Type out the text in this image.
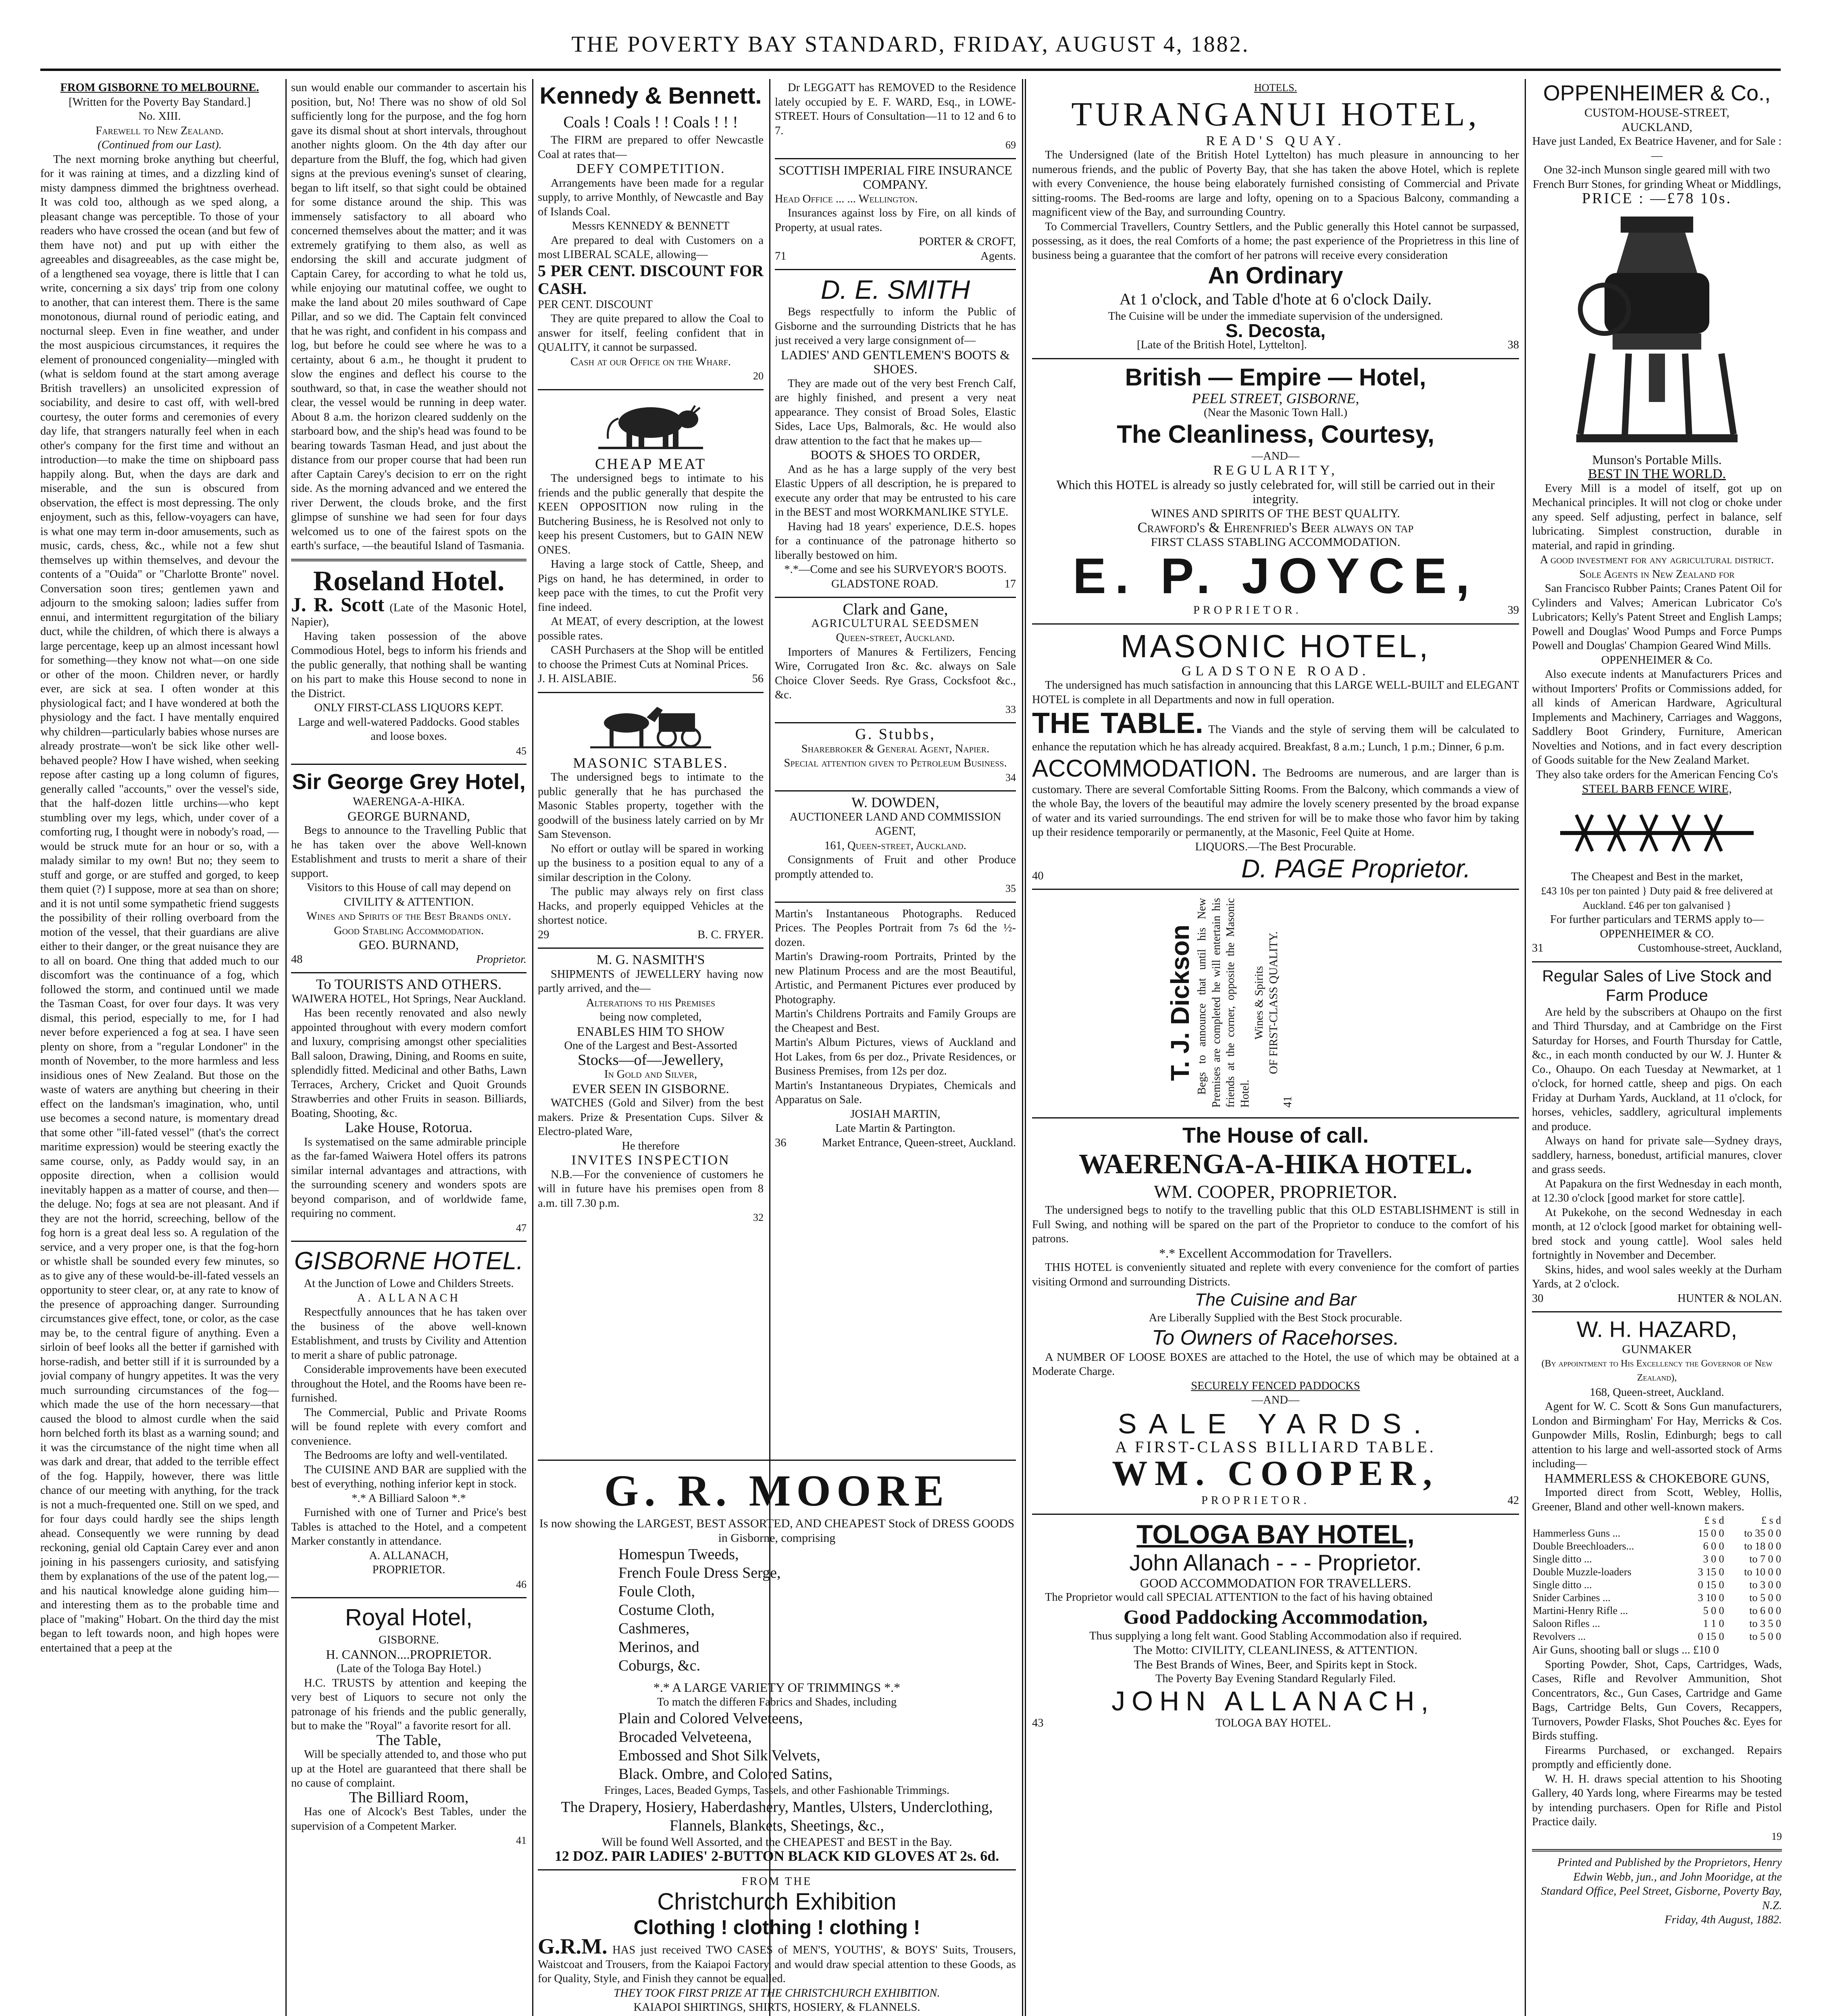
THE POVERTY BAY STANDARD, FRIDAY, AUGUST 4, 1882.
FROM GISBORNE TO MELBOURNE.
[Written for the Poverty Bay Standard.]
No. XIII.
Farewell to New Zealand.
(Continued from our Last).

The next morning broke anything but cheerful, for it was raining at times, and a dizzling kind of misty dampness dimmed the brightness overhead. It was cold too, although as we sped along, a pleasant change was perceptible. To those of your readers who have crossed the ocean (and but few of them have not) and put up with either the agreeables and disagreeables, as the case might be, of a lengthened sea voyage, there is little that I can write, concerning a six days' trip from one colony to another, that can interest them. There is the same monotonous, diurnal round of periodic eating, and nocturnal sleep. Even in fine weather, and under the most auspicious circumstances, it requires the element of pronounced congeniality—mingled with (what is seldom found at the start among average British travellers) an unsolicited expression of sociability, and desire to cast off, with well-bred courtesy, the outer forms and ceremonies of every day life, that strangers naturally feel when in each other's company for the first time and without an introduction—to make the time on shipboard pass happily along. But, when the days are dark and miserable, and the sun is obscured from observation, the effect is most depressing. The only enjoyment, such as this, fellow-voyagers can have, is what one may term in-door amusements, such as music, cards, chess, &c., while not a few shut themselves up within themselves, and devour the contents of a "Ouida" or "Charlotte Bronte" novel. Conversation soon tires; gentlemen yawn and adjourn to the smoking saloon; ladies suffer from ennui, and intermittent regurgitation of the biliary duct, while the children, of which there is always a large percentage, keep up an almost incessant howl for something—they know not what—on one side or other of the moon. Children never, or hardly ever, are sick at sea. I often wonder at this physiological fact; and I have wondered at both the physiology and the fact. I have mentally enquired why children—particularly babies whose nurses are already prostrate—won't be sick like other well-behaved people? How I have wished, when seeking repose after casting up a long column of figures, generally called "accounts," over the vessel's side, that the half-dozen little urchins—who kept stumbling over my legs, which, under cover of a comforting rug, I thought were in nobody's road, —would be struck mute for an hour or so, with a malady similar to my own! But no; they seem to stuff and gorge, or are stuffed and gorged, to keep them quiet (?) I suppose, more at sea than on shore; and it is not until some sympathetic friend suggests the possibility of their rolling overboard from the motion of the vessel, that their guardians are alive either to their danger, or the great nuisance they are to all on board. One thing that added much to our discomfort was the continuance of a fog, which followed the storm, and continued until we made the Tasman Coast, for over four days. It was very dismal, this period, especially to me, for I had never before experienced a fog at sea. I have seen plenty on shore, from a "regular Londoner" in the month of November, to the more harmless and less insidious ones of New Zealand. But those on the waste of waters are anything but cheering in their effect on the landsman's imagination, who, until use becomes a second nature, is momentary dread that some other "ill-fated vessel" (that's the correct maritime expression) would be steering exactly the same course, only, as Paddy would say, in an opposite direction, when a collision would inevitably happen as a matter of course, and then—the deluge. No; fogs at sea are not pleasant. And if they are not the horrid, screeching, bellow of the fog horn is a great deal less so. A regulation of the service, and a very proper one, is that the fog-horn or whistle shall be sounded every few minutes, so as to give any of these would-be-ill-fated vessels an opportunity to steer clear, or, at any rate to know of the presence of approaching danger. Surrounding circumstances give effect, tone, or color, as the case may be, to the central figure of anything. Even a sirloin of beef looks all the better if garnished with horse-radish, and better still if it is surrounded by a jovial company of hungry appetites. It was the very much surrounding circumstances of the fog—which made the use of the horn necessary—that caused the blood to almost curdle when the said horn belched forth its blast as a warning sound; and it was the circumstance of the night time when all was dark and drear, that added to the terrible effect of the fog. Happily, however, there was little chance of our meeting with anything, for the track is not a much-frequented one. Still on we sped, and for four days could hardly see the ships length ahead. Consequently we were running by dead reckoning, genial old Captain Carey ever and anon joining in his passengers curiosity, and satisfying them by explanations of the use of the patent log,—and his nautical knowledge alone guiding him—and interesting them as to the probable time and place of "making" Hobart. On the third day the mist began to left towards noon, and high hopes were entertained that a peep at the

sun would enable our commander to ascertain his position, but, No! There was no show of old Sol sufficiently long for the purpose, and the fog horn gave its dismal shout at short intervals, throughout another nights gloom. On the 4th day after our departure from the Bluff, the fog, which had given signs at the previous evening's sunset of clearing, began to lift itself, so that sight could be obtained for some distance around the ship. This was immensely satisfactory to all aboard who concerned themselves about the matter; and it was extremely gratifying to them also, as well as endorsing the skill and accurate judgment of Captain Carey, for according to what he told us, while enjoying our matutinal coffee, we ought to make the land about 20 miles southward of Cape Pillar, and so we did. The Captain felt convinced that he was right, and confident in his compass and log, but before he could see where he was to a certainty, about 6 a.m., he thought it prudent to slow the engines and deflect his course to the southward, so that, in case the weather should not clear, the vessel would be running in deep water. About 8 a.m. the horizon cleared suddenly on the starboard bow, and the ship's head was found to be bearing towards Tasman Head, and just about the distance from our proper course that had been run after Captain Carey's decision to err on the right side. As the morning advanced and we entered the river Derwent, the clouds broke, and the first glimpse of sunshine we had seen for four days welcomed us to one of the fairest spots on the earth's surface, —the beautiful Island of Tasmania.

Roseland Hotel.
J. R. Scott (Late of the Masonic Hotel, Napier),

Having taken possession of the above Commodious Hotel, begs to inform his friends and the public generally, that nothing shall be wanting on his part to make this House second to none in the District.

ONLY FIRST-CLASS LIQUORS KEPT.
Large and well-watered Paddocks. Good stables and loose boxes.
45
Sir George Grey Hotel,
WAERENGA-A-HIKA.
GEORGE BURNAND,

Begs to announce to the Travelling Public that he has taken over the above Well-known Establishment and trusts to merit a share of their support.

Visitors to this House of call may depend on CIVILITY & ATTENTION.
Wines and Spirits of the Best Brands only.
Good Stabling Accommodation.
GEO. BURNAND,
48	Proprietor.
To TOURISTS AND OTHERS.
WAIWERA HOTEL, Hot Springs, Near Auckland.

Has been recently renovated and also newly appointed throughout with every modern comfort and luxury, comprising amongst other specialities Ball saloon, Drawing, Dining, and Rooms en suite, splendidly fitted. Medicinal and other Baths, Lawn Terraces, Archery, Cricket and Quoit Grounds Strawberries and other Fruits in season. Billiards, Boating, Shooting, &c.

Lake House, Rotorua.

Is systematised on the same admirable principle as the far-famed Waiwera Hotel offers its patrons similar internal advantages and attractions, with the surrounding scenery and wonders spots are beyond comparison, and of worldwide fame, requiring no comment.

47
GISBORNE HOTEL.
At the Junction of Lowe and Childers Streets.
A. ALLANACH

Respectfully announces that he has taken over the business of the above well-known Establishment, and trusts by Civility and Attention to merit a share of public patronage.

Considerable improvements have been executed throughout the Hotel, and the Rooms have been re-furnished.

The Commercial, Public and Private Rooms will be found replete with every comfort and convenience.

The Bedrooms are lofty and well-ventilated.

The CUISINE AND BAR are supplied with the best of everything, nothing inferior kept in stock.

*.* A Billiard Saloon *.*

Furnished with one of Turner and Price's best Tables is attached to the Hotel, and a competent Marker constantly in attendance.

A. ALLANACH,
PROPRIETOR.
46
Royal Hotel,
GISBORNE.
H. CANNON....PROPRIETOR.
(Late of the Tologa Bay Hotel.)

H.C. TRUSTS by attention and keeping the very best of Liquors to secure not only the patronage of his friends and the public generally, but to make the "Royal" a favorite resort for all.

The Table,

Will be specially attended to, and those who put up at the Hotel are guaranteed that there shall be no cause of complaint.

The Billiard Room,

Has one of Alcock's Best Tables, under the supervision of a Competent Marker.

41
Kennedy & Bennett.
Coals ! Coals ! ! Coals ! ! !

The FIRM are prepared to offer Newcastle Coal at rates that—

DEFY COMPETITION.

Arrangements have been made for a regular supply, to arrive Monthly, of Newcastle and Bay of Islands Coal.

Messrs KENNEDY & BENNETT

Are prepared to deal with Customers on a most LIBERAL SCALE, allowing—

5 PER CENT. DISCOUNT FOR CASH.
PER CENT. DISCOUNT

They are quite prepared to allow the Coal to answer for itself, feeling confident that in QUALITY, it cannot be surpassed.

Cash at our Office on the Wharf.
20
CHEAP MEAT

The undersigned begs to intimate to his friends and the public generally that despite the KEEN OPPOSITION now ruling in the Butchering Business, he is Resolved not only to keep his present Customers, but to GAIN NEW ONES.

Having a large stock of Cattle, Sheep, and Pigs on hand, he has determined, in order to keep pace with the times, to cut the Profit very fine indeed.

At MEAT, of every description, at the lowest possible rates.

CASH Purchasers at the Shop will be entitled to choose the Primest Cuts at Nominal Prices.

J. H. AISLABIE.	56
MASONIC STABLES.

The undersigned begs to intimate to the public generally that he has purchased the Masonic Stables property, together with the goodwill of the business lately carried on by Mr Sam Stevenson.

No effort or outlay will be spared in working up the business to a position equal to any of a similar description in the Colony.

The public may always rely on first class Hacks, and properly equipped Vehicles at the shortest notice.

29	B. C. FRYER.
M. G. NASMITH'S

SHIPMENTS of JEWELLERY having now partly arrived, and the—

Alterations to his Premises
being now completed,
ENABLES HIM TO SHOW
One of the Largest and Best-Assorted
Stocks—of—Jewellery,
In Gold and Silver,
EVER SEEN IN GISBORNE.

WATCHES (Gold and Silver) from the best makers. Prize & Presentation Cups. Silver & Electro-plated Ware,

He therefore
INVITES INSPECTION

N.B.—For the convenience of customers he will in future have his premises open from 8 a.m. till 7.30 p.m.

32

Dr LEGGATT has REMOVED to the Residence lately occupied by E. F. WARD, Esq., in LOWE-STREET. Hours of Consultation—11 to 12 and 6 to 7.

69
SCOTTISH IMPERIAL FIRE INSURANCE COMPANY.
Head Office ... ... Wellington.

Insurances against loss by Fire, on all kinds of Property, at usual rates.

PORTER & CROFT,
71	Agents.
D. E. SMITH

Begs respectfully to inform the Public of Gisborne and the surrounding Districts that he has just received a very large consignment of—

LADIES' AND GENTLEMEN'S BOOTS & SHOES.

They are made out of the very best French Calf, are highly finished, and present a very neat appearance. They consist of Broad Soles, Elastic Sides, Lace Ups, Balmorals, &c. He would also draw attention to the fact that he makes up—

BOOTS & SHOES TO ORDER,

And as he has a large supply of the very best Elastic Uppers of all description, he is prepared to execute any order that may be entrusted to his care in the BEST and most WORKMANLIKE STYLE.

Having had 18 years' experience, D.E.S. hopes for a continuance of the patronage hitherto so liberally bestowed on him.

*.*—Come and see his SURVEYOR'S BOOTS.
GLADSTONE ROAD.	17
Clark and Gane,
AGRICULTURAL SEEDSMEN
Queen-street, Auckland.

Importers of Manures & Fertilizers, Fencing Wire, Corrugated Iron &c. &c. always on Sale Choice Clover Seeds. Rye Grass, Cocksfoot &c., &c.

33
G. Stubbs,
Sharebroker & General Agent, Napier.
Special attention given to Petroleum Business.
34
W. DOWDEN,
AUCTIONEER LAND AND COMMISSION AGENT,
161, Queen-street, Auckland.

Consignments of Fruit and other Produce promptly attended to.

35

Martin's Instantaneous Photographs. Reduced Prices. The Peoples Portrait from 7s 6d the ½-dozen.

Martin's Drawing-room Portraits, Printed by the new Platinum Process and are the most Beautiful, Artistic, and Permanent Pictures ever produced by Photography.

Martin's Childrens Portraits and Family Groups are the Cheapest and Best.

Martin's Album Pictures, views of Auckland and Hot Lakes, from 6s per doz., Private Residences, or Business Premises, from 12s per doz.

Martin's Instantaneous Drypiates, Chemicals and Apparatus on Sale.

JOSIAH MARTIN,
Late Martin & Partington.
36	Market Entrance, Queen-street, Auckland.
G. R. MOORE
Is now showing the LARGEST, BEST ASSORTED, AND CHEAPEST Stock of DRESS GOODS in Gisborne, comprising
Homespun Tweeds,
French Foule Dress Serge,
Foule Cloth,
Costume Cloth,
Cashmeres,
Merinos, and
Coburgs, &c.
*.* A LARGE VARIETY OF TRIMMINGS *.*
To match the differen Fabrics and Shades, including
Plain and Colored Velveteens,
Brocaded Velveteena,
Embossed and Shot Silk Velvets,
Black. Ombre, and Colored Satins,
Fringes, Laces, Beaded Gymps, Tassels, and other Fashionable Trimmings.
The Drapery, Hosiery, Haberdashery, Mantles, Ulsters, Underclothing, Flannels, Blankets, Sheetings, &c.,
Will be found Well Assorted, and the CHEAPEST and BEST in the Bay.
12 DOZ. PAIR LADIES' 2-BUTTON BLACK KID GLOVES AT 2s. 6d.
FROM THE
Christchurch Exhibition
Clothing ! clothing ! clothing !
G.R.M. HAS just received TWO CASES of MEN'S, YOUTHS', & BOYS' Suits, Trousers, Waistcoat and Trousers, from the Kaiapoi Factory, and would draw special attention to these Goods, as for Quality, Style, and Finish they cannot be equalled.
THEY TOOK FIRST PRIZE AT THE CHRISTCHURCH EXHIBITION.
KAIAPOI SHIRTINGS, SHIRTS, HOSIERY, & FLANNELS.
HOTELS.
TURANGANUI HOTEL,
READ'S QUAY.

The Undersigned (late of the British Hotel Lyttelton) has much pleasure in announcing to her numerous friends, and the public of Poverty Bay, that she has taken the above Hotel, which is replete with every Convenience, the house being elaborately furnished consisting of Commercial and Private sitting-rooms. The Bed-rooms are large and lofty, opening on to a Spacious Balcony, commanding a magnificent view of the Bay, and surrounding Country.

To Commercial Travellers, Country Settlers, and the Public generally this Hotel cannot be surpassed, possessing, as it does, the real Comforts of a home; the past experience of the Proprietress in this line of business being a guarantee that the comfort of her patrons will receive every consideration

An Ordinary
At 1 o'clock, and Table d'hote at 6 o'clock Daily.
The Cuisine will be under the immediate supervision of the undersigned.
S. Decosta,
[Late of the British Hotel, Lyttelton].	38
British — Empire — Hotel,
PEEL STREET, GISBORNE,
(Near the Masonic Town Hall.)
The Cleanliness, Courtesy,
—AND—
REGULARITY,
Which this HOTEL is already so justly celebrated for, will still be carried out in their integrity.
WINES AND SPIRITS OF THE BEST QUALITY.
Crawford's & Ehrenfried's Beer always on tap
FIRST CLASS STABLING ACCOMMODATION.
E. P. JOYCE,
PROPRIETOR.	39
MASONIC HOTEL,
GLADSTONE ROAD.

The undersigned has much satisfaction in announcing that this LARGE WELL-BUILT and ELEGANT HOTEL is complete in all Departments and now in full operation.

THE TABLE. The Viands and the style of serving them will be calculated to enhance the reputation which he has already acquired. Breakfast, 8 a.m.; Lunch, 1 p.m.; Dinner, 6 p.m.
ACCOMMODATION. The Bedrooms are numerous, and are larger than is customary. There are several Comfortable Sitting Rooms. From the Balcony, which commands a view of the whole Bay, the lovers of the beautiful may admire the lovely scenery presented by the broad expanse of water and its varied surroundings. The end striven for will be to make those who favor him by taking up their residence temporarily or permanently, at the Masonic, Feel Quite at Home.
LIQUORS.—The Best Procurable.
40	D. PAGE Proprietor.
T. J. Dickson Begs to announce that until his New Premises are completed he will entertain his friends at the corner, opposite the Masonic Hotel.

Wines & Spirits OF FIRST-CLASS QUALITY.
41
The House of call.
WAERENGA-A-HIKA HOTEL.
WM. COOPER, PROPRIETOR.

The undersigned begs to notify to the travelling public that this OLD ESTABLISHMENT is still in Full Swing, and nothing will be spared on the part of the Proprietor to conduce to the comfort of his patrons.

*.* Excellent Accommodation for Travellers.

THIS HOTEL is conveniently situated and replete with every convenience for the comfort of parties visiting Ormond and surrounding Districts.

The Cuisine and Bar
Are Liberally Supplied with the Best Stock procurable.
To Owners of Racehorses.

A NUMBER OF LOOSE BOXES are attached to the Hotel, the use of which may be obtained at a Moderate Charge.

SECURELY FENCED PADDOCKS
—AND—
SALE YARDS.
A FIRST-CLASS BILLIARD TABLE.
WM. COOPER,
PROPRIETOR.	42
TOLOGA BAY HOTEL,
John Allanach - - - Proprietor.
GOOD ACCOMMODATION FOR TRAVELLERS.

The Proprietor would call SPECIAL ATTENTION to the fact of his having obtained

Good Paddocking Accommodation,
Thus supplying a long felt want. Good Stabling Accommodation also if required.
The Motto: CIVILITY, CLEANLINESS, & ATTENTION.
The Best Brands of Wines, Beer, and Spirits kept in Stock.
The Poverty Bay Evening Standard Regularly Filed.
43
JOHN ALLANACH,
TOLOGA BAY HOTEL.
OPPENHEIMER & Co.,
CUSTOM-HOUSE-STREET,
AUCKLAND,
Have just Landed, Ex Beatrice Havener, and for Sale :—
One 32-inch Munson single geared mill with two French Burr Stones, for grinding Wheat or Middlings,
PRICE : —£78 10s.
Munson's Portable Mills.
BEST IN THE WORLD.

Every Mill is a model of itself, got up on Mechanical principles. It will not clog or choke under any speed. Self adjusting, perfect in balance, self lubricating. Simplest construction, durable in material, and rapid in grinding.

A good investment for any agricultural district.
Sole Agents in New Zealand for

San Francisco Rubber Paints; Cranes Patent Oil for Cylinders and Valves; American Lubricator Co's Lubricators; Kelly's Patent Street and English Lamps; Powell and Douglas' Wood Pumps and Force Pumps Powell and Douglas' Champion Geared Wind Mills.

OPPENHEIMER & Co.

Also execute indents at Manufacturers Prices and without Importers' Profits or Commissions added, for all kinds of American Hardware, Agricultural Implements and Machinery, Carriages and Waggons, Saddlery Boot Grindery, Furniture, American Novelties and Notions, and in fact every description of Goods suitable for the New Zealand Market.

They also take orders for the American Fencing Co's
STEEL BARB FENCE WIRE,
The Cheapest and Best in the market,
£43 10s per ton painted } Duty paid & free delivered at Auckland. £46 per ton galvanised }
For further particulars and TERMS apply to—
OPPENHEIMER & CO.
31	Customhouse-street, Auckland,
Regular Sales of Live Stock and Farm Produce

Are held by the subscribers at Ohaupo on the first and Third Thursday, and at Cambridge on the First Saturday for Horses, and Fourth Thursday for Cattle, &c., in each month conducted by our W. J. Hunter & Co., Ohaupo. On each Tuesday at Newmarket, at 1 o'clock, for horned cattle, sheep and pigs. On each Friday at Durham Yards, Auckland, at 11 o'clock, for horses, vehicles, saddlery, agricultural implements and produce.

Always on hand for private sale—Sydney drays, saddlery, harness, bonedust, artificial manures, clover and grass seeds.

At Papakura on the first Wednesday in each month, at 12.30 o'clock [good market for store cattle].

At Pukekohe, on the second Wednesday in each month, at 12 o'clock [good market for obtaining well-bred stock and young cattle]. Wool sales held fortnightly in November and December.

Skins, hides, and wool sales weekly at the Durham Yards, at 2 o'clock.

30	HUNTER & NOLAN.
W. H. HAZARD,
GUNMAKER
(By appointment to His Excellency the Governor of New Zealand),
168, Queen-street, Auckland.

Agent for W. C. Scott & Sons Gun manufacturers, London and Birmingham' For Hay, Merricks & Cos. Gunpowder Mills, Roslin, Edinburgh; begs to call attention to his large and well-assorted stock of Arms including—

HAMMERLESS & CHOKEBORE GUNS,

Imported direct from Scott, Webley, Hollis, Greener, Bland and other well-known makers.

	£ s d	£ s d
Hammerless Guns ...	15 0 0	to 35 0 0
Double Breechloaders...	6 0 0	to 18 0 0
Single ditto ...	3 0 0	to 7 0 0
Double Muzzle-loaders	3 15 0	to 10 0 0
Single ditto ...	0 15 0	to 3 0 0
Snider Carbines ...	3 10 0	to 5 0 0
Martini-Henry Rifle ...	5 0 0	to 6 0 0
Saloon Rifles ...	1 1 0	to 3 5 0
Revolvers ...	0 15 0	to 5 0 0
Air Guns, shooting ball or slugs ... £10 0

Sporting Powder, Shot, Caps, Cartridges, Wads, Cases, Rifle and Revolver Ammunition, Shot Concentrators, &c., Gun Cases, Cartridge and Game Bags, Cartridge Belts, Gun Covers, Recappers, Turnovers, Powder Flasks, Shot Pouches &c. Eyes for Birds stuffing.

Firearms Purchased, or exchanged. Repairs promptly and efficiently done.

W. H. H. draws special attention to his Shooting Gallery, 40 Yards long, where Firearms may be tested by intending purchasers. Open for Rifle and Pistol Practice daily.

19
Printed and Published by the Proprietors, Henry Edwin Webb, jun., and John Mooridge, at the Standard Office, Peel Street, Gisborne, Poverty Bay, N.Z.
Friday, 4th August, 1882.
